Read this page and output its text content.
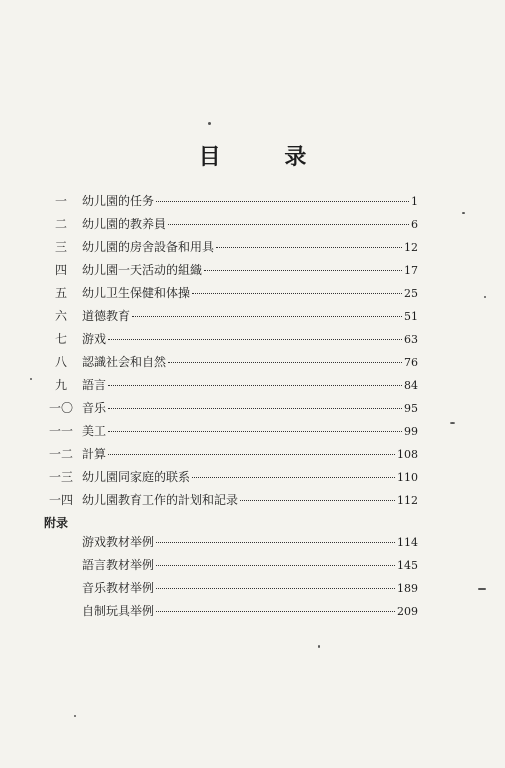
目 录
一	幼儿園的任务	1
二	幼儿園的教养員	6
三	幼儿園的房舍設备和用具	12
四	幼儿園一天活动的組織	17
五	幼儿卫生保健和体操	25
六	道德教育	51
七	游戏	63
八	認識社会和自然	76
九	語言	84
一〇 音乐	95
一一 美工	99
一二 計算	108
一三 幼儿園同家庭的联系	110
一四 幼儿園教育工作的計划和記录	112
附录
游戏教材举例	114
語言教材举例	145
音乐教材举例	189
自制玩具举例	209
